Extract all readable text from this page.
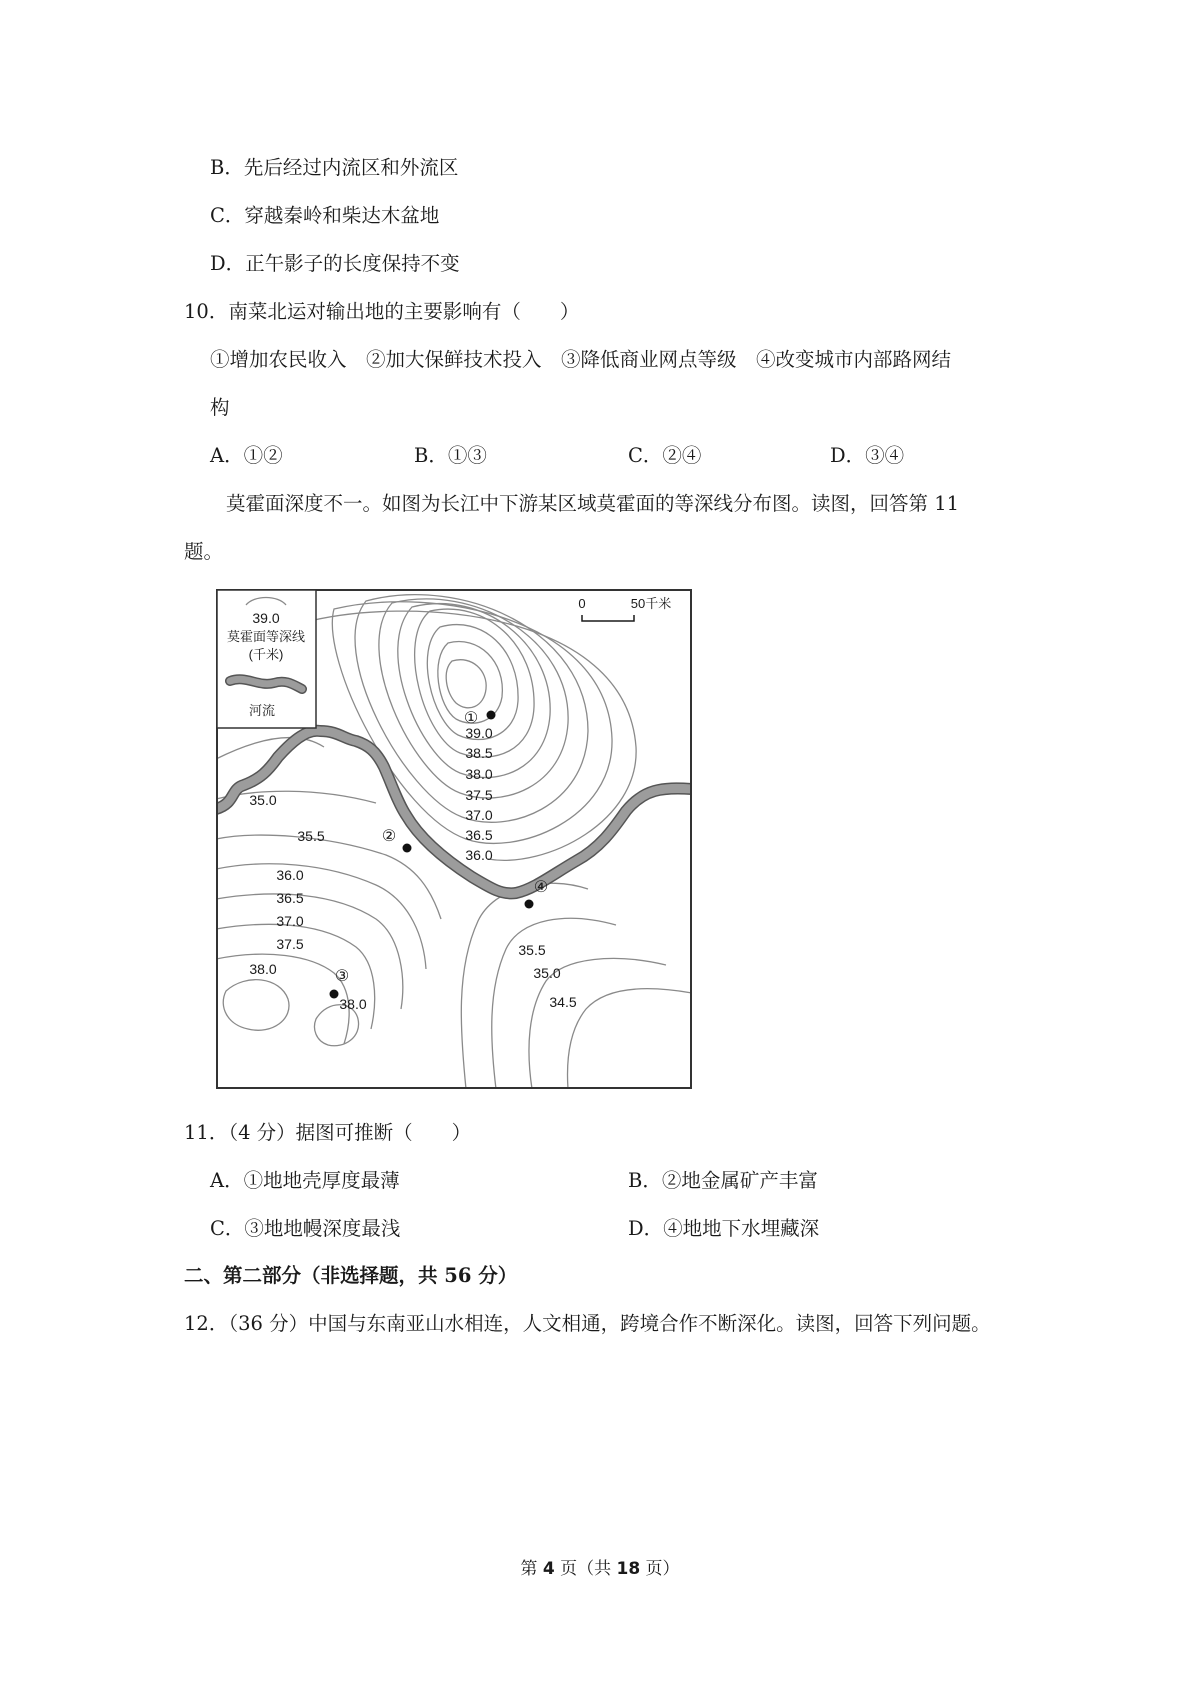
B．先后经过内流区和外流区
C．穿越秦岭和柴达木盆地
D．正午影子的长度保持不变
10．南菜北运对输出地的主要影响有（　　）
①增加农民收入　②加大保鲜技术投入　③降低商业网点等级　④改变城市内部路网结
构
A．①②	B．①③	C．②④	D．③④
莫霍面深度不一。如图为长江中下游某区域莫霍面的等深线分布图。读图，回答第 11
题。
39.0
莫霍面等深线
(千米)
河流
0	50千米
39.0
38.5
38.0
37.5
37.0
36.5
36.0
35.0
35.5
36.0
36.5
37.0
37.5
38.0
38.0
35.5
35.0
34.5
①
②
③
④
11．（4 分）据图可推断（　　）
A．①地地壳厚度最薄	B．②地金属矿产丰富
C．③地地幔深度最浅	D．④地地下水埋藏深
二、第二部分（非选择题，共 56 分）
12．（36 分）中国与东南亚山水相连，人文相通，跨境合作不断深化。读图，回答下列问题。
第 4 页（共 18 页）
